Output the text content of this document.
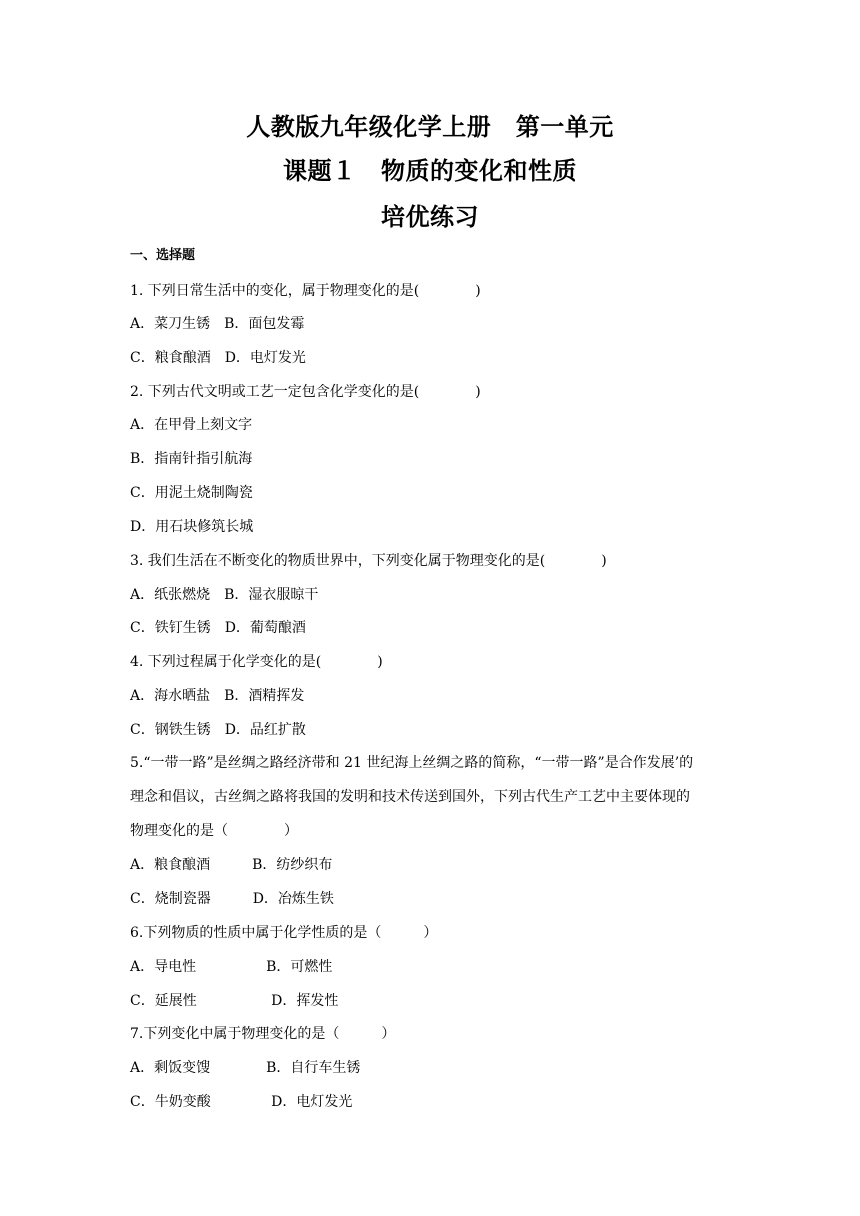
人教版九年级化学上册　第一单元
课题１　物质的变化和性质
培优练习
一、选择题
1. 下列日常生活中的变化，属于物理变化的是(　　　　)
A．菜刀生锈　B．面包发霉
C．粮食酿酒　D．电灯发光
2. 下列古代文明或工艺一定包含化学变化的是(　　　　)
A．在甲骨上刻文字
B．指南针指引航海
C．用泥土烧制陶瓷
D．用石块修筑长城
3. 我们生活在不断变化的物质世界中，下列变化属于物理变化的是(　　　　)
A．纸张燃烧　B．湿衣服晾干
C．铁钉生锈　D．葡萄酿酒
4. 下列过程属于化学变化的是(　　　　)
A．海水晒盐　B．酒精挥发
C．钢铁生锈　D．品红扩散
5.“一带一路”是丝绸之路经济带和 21 世纪海上丝绸之路的简称，“一带一路”是合作发展’的
理念和倡议，古丝绸之路将我国的发明和技术传送到国外，下列古代生产工艺中主要体现的
物理变化的是（　　　　）
A．粮食酿酒　　　B．纺纱织布
C．烧制瓷器　　　D．冶炼生铁
6.下列物质的性质中属于化学性质的是（　　　）
A．导电性　　　　　B．可燃性
C．延展性　　　　　 D．挥发性
7.下列变化中属于物理变化的是（　　　）
A．剩饭变馊　　　　B．自行车生锈
C．牛奶变酸　　　　 D．电灯发光
